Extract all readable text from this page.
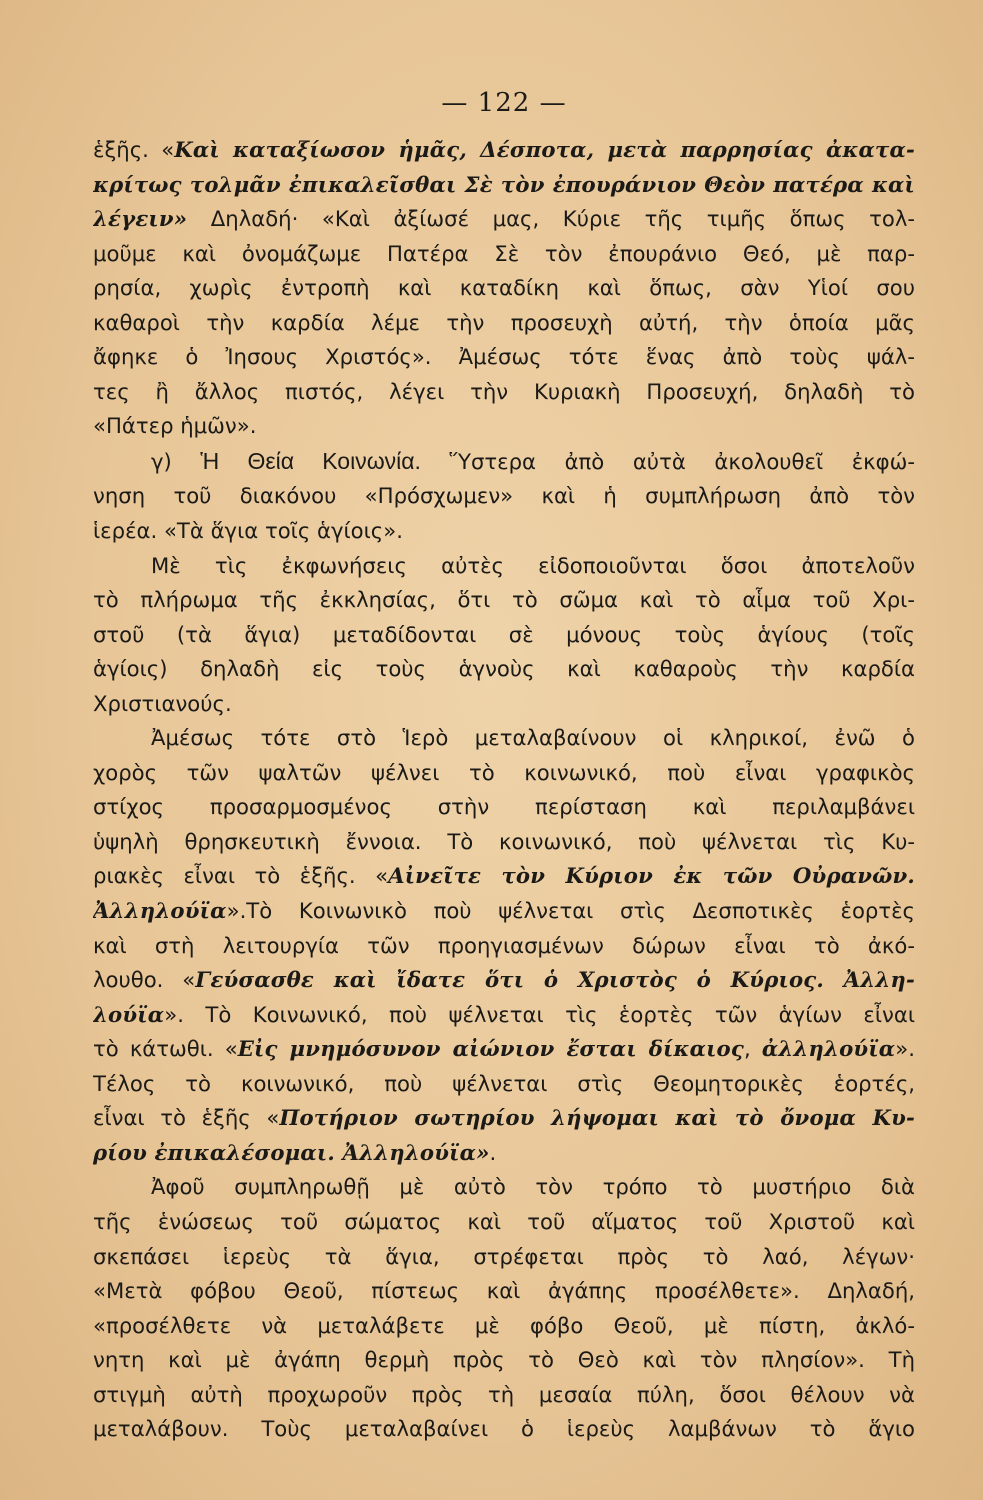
— 122 —
ἑξῆς. «Καὶ καταξίωσον ἡμᾶς, Δέσποτα, μετὰ παρρησίας ἀκατα-
κρίτως τολμᾶν ἐπικαλεῖσθαι Σὲ τὸν ἐπουράνιον Θεὸν πατέρα καὶ
λέγειν» Δηλαδή· «Καὶ ἀξίωσέ μας, Κύριε τῆς τιμῆς ὅπως τολ-
μοῦμε καὶ ὀνομάζωμε Πατέρα Σὲ τὸν ἐπουράνιο Θεό, μὲ παρ-
ρησία, χωρὶς ἐντροπὴ καὶ καταδίκη καὶ ὅπως, σὰν Υἱοί σου
καθαροὶ τὴν καρδία λέμε τὴν προσευχὴ αὐτή, τὴν ὁποία μᾶς
ἄφηκε ὁ Ἰησους Χριστός». Ἀμέσως τότε ἕνας ἀπὸ τοὺς ψάλ-
τες ἢ ἄλλος πιστός, λέγει τὴν Κυριακὴ Προσευχή, δηλαδὴ τὸ
«Πάτερ ἡμῶν».
γ) Ἡ Θεία Κοινωνία. Ὕστερα ἀπὸ αὐτὰ ἀκολουθεῖ ἐκφώ-
νηση τοῦ διακόνου «Πρόσχωμεν» καὶ ἡ συμπλήρωση ἀπὸ τὸν
ἱερέα. «Τὰ ἅγια τοῖς ἁγίοις».
Μὲ τὶς ἐκφωνήσεις αὐτὲς εἰδοποιοῦνται ὅσοι ἀποτελοῦν
τὸ πλήρωμα τῆς ἐκκλησίας, ὅτι τὸ σῶμα καὶ τὸ αἷμα τοῦ Χρι-
στοῦ (τὰ ἅγια) μεταδίδονται σὲ μόνους τοὺς ἁγίους (τοῖς
ἁγίοις) δηλαδὴ εἰς τοὺς ἁγνοὺς καὶ καθαροὺς τὴν καρδία
Χριστιανούς.
Ἀμέσως τότε στὸ Ἱερὸ μεταλαβαίνουν οἱ κληρικοί, ἐνῶ ὁ
χορὸς τῶν ψαλτῶν ψέλνει τὸ κοινωνικό, ποὺ εἶναι γραφικὸς
στίχος προσαρμοσμένος στὴν περίσταση καὶ περιλαμβάνει
ὑψηλὴ θρησκευτικὴ ἔννοια. Τὸ κοινωνικό, ποὺ ψέλνεται τὶς Κυ-
ριακὲς εἶναι τὸ ἑξῆς. «Αἰνεῖτε τὸν Κύριον ἐκ τῶν Οὐρανῶν.
Ἀλληλούϊα».Τὸ Κοινωνικὸ ποὺ ψέλνεται στὶς Δεσποτικὲς ἑορτὲς
καὶ στὴ λειτουργία τῶν προηγιασμένων δώρων εἶναι τὸ ἀκό-
λουθο. «Γεύσασθε καὶ ἴδατε ὅτι ὁ Χριστὸς ὁ Κύριος. Ἀλλη-
λούϊα». Τὸ Κοινωνικό, ποὺ ψέλνεται τὶς ἑορτὲς τῶν ἁγίων εἶναι
τὸ κάτωθι. «Εἰς μνημόσυνον αἰώνιον ἔσται δίκαιος, ἀλληλούϊα».
Τέλος τὸ κοινωνικό, ποὺ ψέλνεται στὶς Θεομητορικὲς ἑορτές,
εἶναι τὸ ἑξῆς «Ποτήριον σωτηρίου λήψομαι καὶ τὸ ὄνομα Κυ-
ρίου ἐπικαλέσομαι. Ἀλληλούϊα».
Ἀφοῦ συμπληρωθῇ μὲ αὐτὸ τὸν τρόπο τὸ μυστήριο διὰ
τῆς ἑνώσεως τοῦ σώματος καὶ τοῦ αἵματος τοῦ Χριστοῦ καὶ
σκεπάσει ἱερεὺς τὰ ἅγια, στρέφεται πρὸς τὸ λαό, λέγων·
«Μετὰ φόβου Θεοῦ, πίστεως καὶ ἀγάπης προσέλθετε». Δηλαδή,
«προσέλθετε νὰ μεταλάβετε μὲ φόβο Θεοῦ, μὲ πίστη, ἀκλό-
νητη καὶ μὲ ἀγάπη θερμὴ πρὸς τὸ Θεὸ καὶ τὸν πλησίον». Τὴ
στιγμὴ αὐτὴ προχωροῦν πρὸς τὴ μεσαία πύλη, ὅσοι θέλουν νὰ
μεταλάβουν. Τοὺς μεταλαβαίνει ὁ ἱερεὺς λαμβάνων τὸ ἅγιο
